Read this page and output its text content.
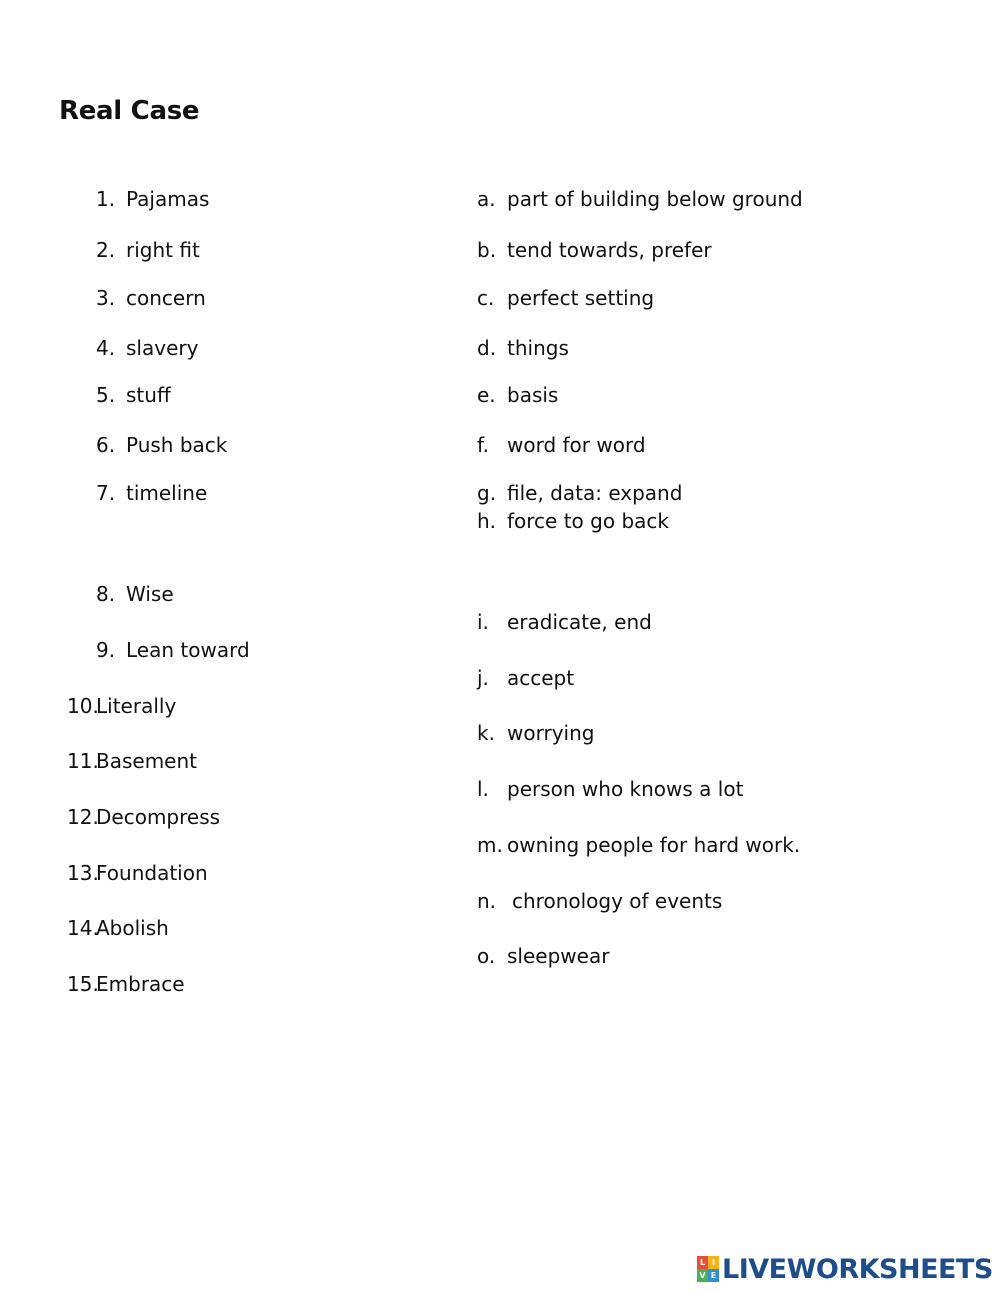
Real Case
1. Pajamas
2. right fit
3. concern
4. slavery
5. stuff
6. Push back
7. timeline
8. Wise
9. Lean toward
10.
Literally
11.
Basement
12.
Decompress
13.
Foundation
14.
Abolish
15.
Embrace
a. part of building below ground
b. tend towards, prefer
c. perfect setting
d. things
e. basis
f. word for word
g. file, data: expand
h. force to go back
i. eradicate, end
j. accept
k. worrying
l. person who knows a lot
m. owning people for hard work.
n. chronology of events
o. sleepwear
L I
V E LIVEWORKSHEETS
